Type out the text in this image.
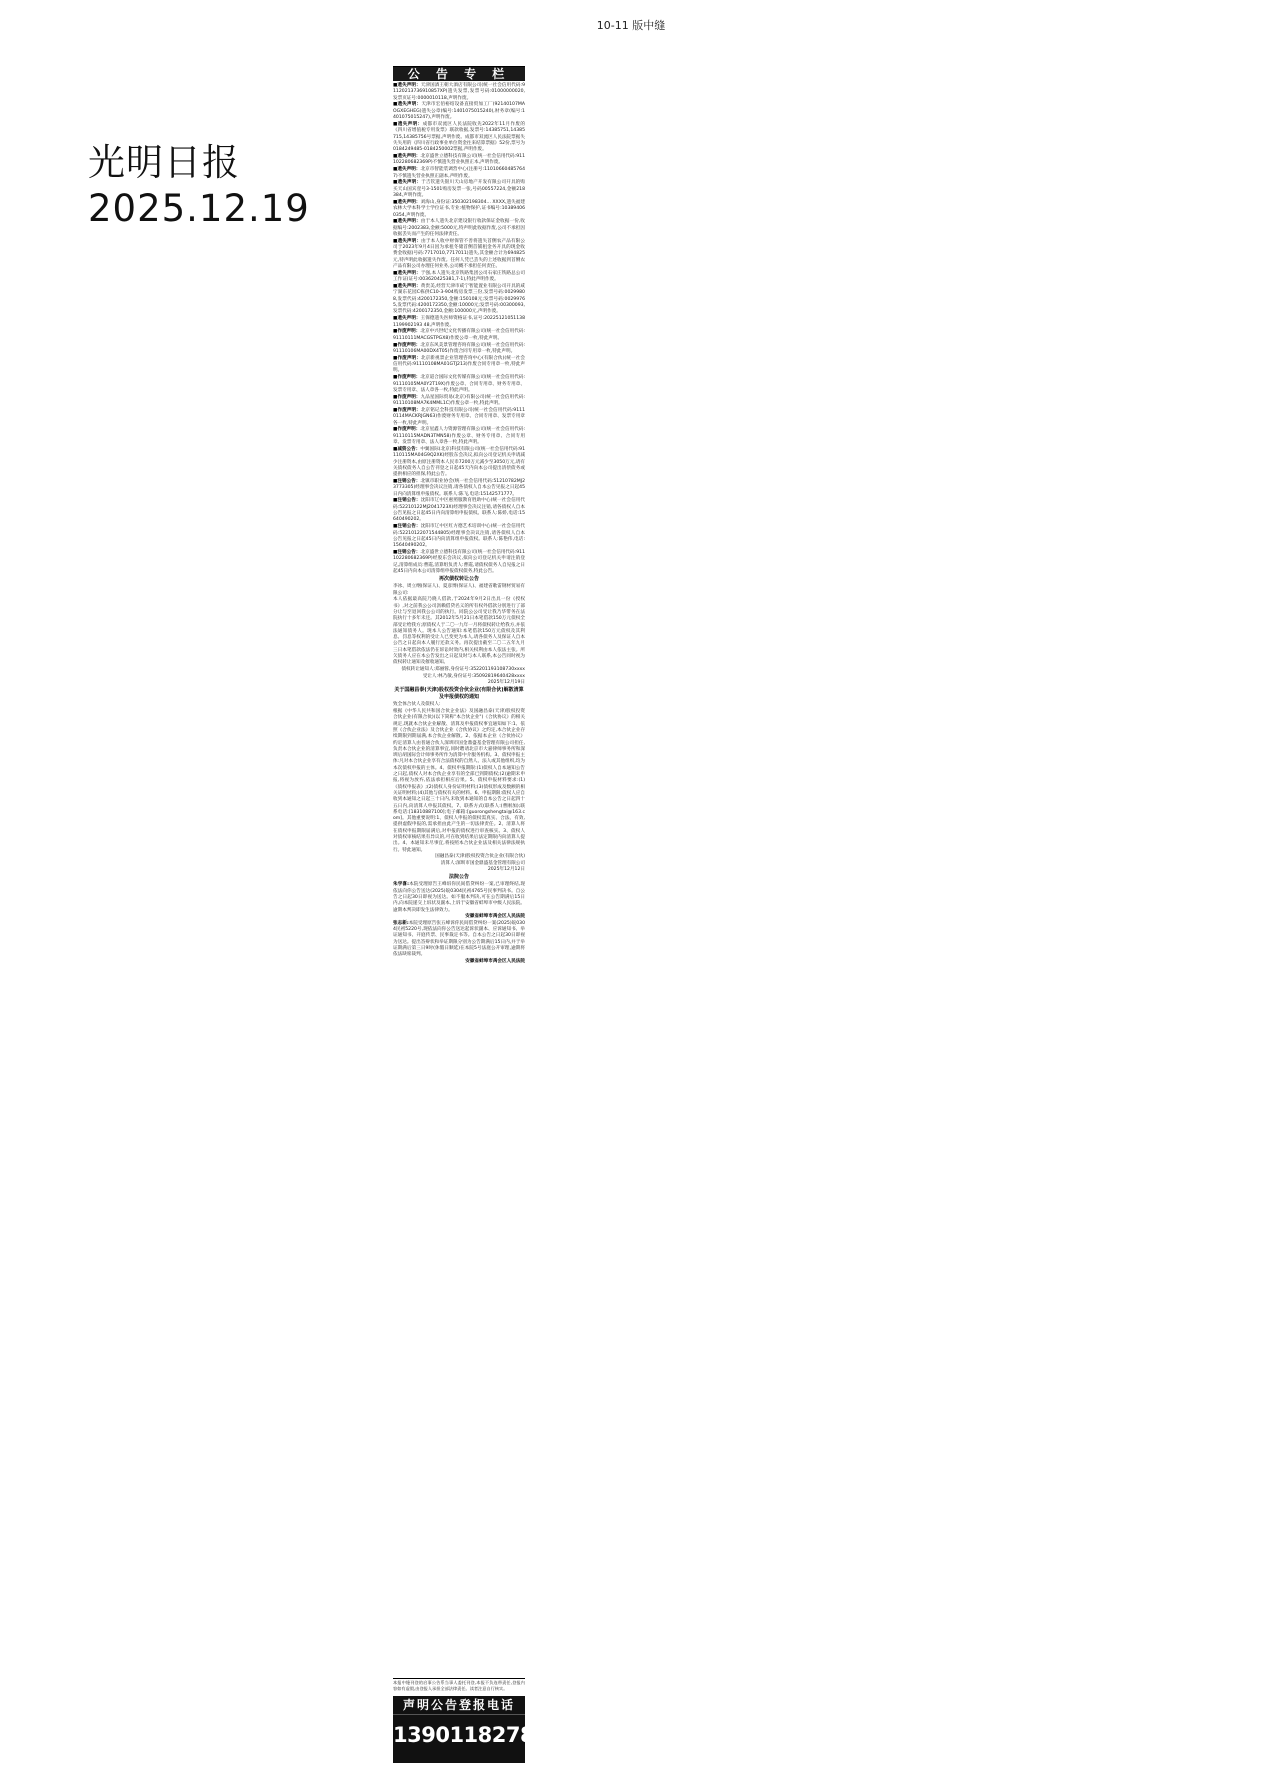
10-11 版中缝
光明日报
2025.12.19
公 告 专 栏

■遗失声明：天津国酒王朝大酒店有限公司(统一社会信用代码:91120213736910857XP)遗失发票,发票号码:01000000020,发票页证号:0000010118,声明作废。

■遗失声明：天津市宏佰裕绍设备直接贸加工厂(92140107MAOGXEGHEG)遗失公章(编号:1401075015240),财务章(编号:1401075015247),声明作废。

■遗失声明：成都市双流区人民法院收先2022年11月作废的《四川省增值税专用发票》联款收据,发票号:14385751,14385715,14385756号票据,声明作废。成都市双流区人民法院票据失失失用的《四川省行政事业单位资金往来结算票据》52份,票号为0184249485-0184250002票据,声明作废。

■遗失声明：北京盛世立德科技有限公司(统一社会信用代码:911102280682369P)不慎遗失营业执照正本,声明作废。

■遗失声明：北京市智能装调营中心(注册号:110106604857647)不慎遗失营业执照正副本,声明作废。

■遗失声明：于吉钦遗失银川天山房地产开发有限公司开具的购买天山国宾壹号3-1501购房发票一张,号码00557224,金额218384,声明作废。

■遗失声明：刘海山,身份证:350302198304... XXXX,遗失福建农林大学本科学士学位证书,专业:植物保护,证书编号:103894060354,声明作废。

■遗失声明：由于本人遗失北京建设银行收款保证金收据一份,收据编号:2002383,金额:5000元,特声明此收据作废,公司不承担因收据丢失而产生的任何法律责任。

■遗失声明：由于本人收中财保管不善将遗失首侧农产品有限公司于2023年9月4日因为承租冬储首侧首铺租金务开具的现金收费金收据(号码:7717010,7717011)遗失,其金额合计为694825元,特声明此收据遗失作废。任何人凭已丢失的上述收据到首侧农产品有限公司办理任何业务,公司概不承担任何责任。

■遗失声明：于强,本人遗失北京铁路集团公司石家庄铁路总公司工作证(证号:003620425381,7-1),特此声明作废。

■遗失声明：黄贵美,经营天津市咸宁智能置业有限公司开具的咸宁湖东花园C栋供C10-3-904购房发票三份,发票号码:00299808,发票代码:4200172350,金额:150108元;发票号码:00299765,发票代码:4200172350,金额:10000元;发票号码:00300093,发票代码:4200172350,金额:100000元,声明作废。

■遗失声明：王保德遗失医师资格证书,证号:202251210511381199902193 48,声明作废。

■作废声明：北京中兴世纪文化传播有限公司(统一社会信用代码:91110111MACGSTPGX8)作废公章一枚,特此声明。

■作废声明：北京东风美景管理咨询有限公司(统一社会信用代码:91110106MA00DX4T05)作废合同专用章一枚,特此声明。

■作废声明：北京新视景企业管理咨询中心(有限合伙)(统一社会信用代码:91110108MA01GTJ213)作废合同专用章一枚,特此声明。

■作废声明：北京道合国际文化传媒有限公司(统一社会信用代码:91110105MA0Y2T19X)作废公章、合同专用章、财务专用章、发票专用章、法人章各一枚,特此声明。

■作废声明：九品星国际贸易(北京)有限公司(统一社会信用代码:91110108MA7K4MML1C)作废公章一枚,特此声明。

■作废声明：北京铭记全科技有限公司(统一社会信用代码:91110114MACKRJGN63)作废财务专用章、合同专用章、发票专用章各一枚,特此声明。

■作废声明：北京星鑫人力资源管理有限公司(统一社会信用代码:91110115MADN3TMN58)作废公章、财务专用章、合同专用章、发票专用章、法人章各一枚,特此声明。

■减资公告：中翼国际(北京)科技有限公司(统一社会信用代码:91110115MA04G9Q2XK)经股东会决议,拟向公司登记机关申请减少注册资本,由原注册资本人民币7200万元减少至3050万元,请有关债权债务人自公告刊登之日起45天内向本公司提出清偿债务或提供相应的担保,特此公告。

■注销公告：北镇市职业协会(统一社会信用代码:51210782MJ23773305)经理事会决议注销,请各债权人自本公告见报之日起45日内向清算组申报债权。联系人:陈飞,电话:15142571777。

■注销公告：沈阳市辽中区惠照服教育胜助中心(统一社会信用代码:52210122MJ2041723X)经理事会决议注销,请各债权人自本公告见报之日起45日内向清算组申报债权。联系人:陈娇,电话:15640490202。

■注销公告：沈阳市辽中区红方德艺术培训中心(统一社会信用代码:52210122071544805)经理事会决议注销,请各债权人自本公告见报之日起45日内向清算组申报债权。联系人:陈艳伟,电话:15640490202。

■注销公告：北京盛世立德科技有限公司(统一社会信用代码:911102280682369P)经股东会决议,拟向公司登记机关申请注销登记,清算组成员:曹霞,清算组负责人:曹霞,请债权债务人自见报之日起45日内向本公司清算组申报债权债务,特此公告。

再次债权转让公告

李冰、周立纲(保证人)、夏彦博(保证人)、福建省歌雷钢材贸易有限公司:

本人依据最高院乃晓人借款,于2024年9月2日出具一份《授权书》,对之前我公公司沥赖借贷名义的所有权外借款分别进行了部分让与至退回我公公司的执行。同院公公司受让我乃华带务在法院执行十多年未还。其2012年5月21日本笔借款150万元债权全部受让给我方;原债权人于二〇一九年一月将债权转让给我方,并依法通知债务人。现本人公告通知:本笔借款150万元债权及其利息、罚息等权利的受让人已变更为本人,请各债务人及保证人自本公告之日起向本人履行还款义务。再次提出截至二〇二五年九月三日本笔借款依法仍在诉讼时效内,相关权利由本人依法主张。所欠债务人应在本公告发出之日起及时与本人联系,本公告同时视为债权转让通知及催收通知。

债权转让通知人:郑丽蓉,身份证号:352201193108730xxxx
受让人:林乃敏,身份证号:35092819640428xxxx
2025年12月19日
关于国融昌泰(天津)股权投资合伙企业(有限合伙)解散清算及申报债权的通知

致全体合伙人及债权人:

根据《中华人民共和国合伙企业法》及国融昌泰(天津)股权投资合伙企业(有限合伙)(以下简称"本合伙企业")《合伙协议》的相关规定,现就本合伙企业解散、清算及申报债权事宜通知如下:1、依照《合伙企业法》及合伙企业《合伙协议》之约定,本合伙企业存续期限到期届满,本合伙企业解散。2、依据本企业《合伙协议》约定清算人由普通合伙人深圳市国金鼎盛基金管理有限公司担任,负责本合伙企业的清算事宜,同时聘请北京市大嘉律师事务所和深圳后胡国际会计师事务所作为清算中介服务机构。3、债权申报主体:凡对本合伙企业享有合法债权的自然人、法人或其他组织,均为本次债权申报的主体。4、债权申报期限:(1)债权人自本通知公告之日起,债权人对本合伙企业享有的全部已到期债权;(2)逾期未申报,将视为放弃,依法承担相应后果。5、债权申报材料要求:(1)《债权申报表》;(2)债权人身份证明材料;(3)债权形成及数额的相关证明材料;(4)其他与债权有关的材料。6、申报期限:债权人应自收到本通知之日起三十日内,未收到本通知的自本公告之日起四十五日内,向清算人申报其债权。7、联系方式(联系人:(曹刚加);联系电话:[18310887100];电子邮箱:[guorongshengtai@163.com]。其他重要说明:1、债权人申报的债权需真实、合法、有效,提供虚假申报的,需承担由此产生的一切法律责任。2、清算人将在债权申报期限届满后,对申报的债权进行审查核实。3、债权人对债权审核结果有异议的,可在收到结果后法定期限内向清算人提出。4、本通知未尽事宜,将按照本合伙企业法及相关法律法规执行。特此通知。

国融昌泰(天津)股权投资合伙企业(有限合伙)
清算人:深圳市国金鼎盛基金管理有限公司
2025年12月12日
法院公告

朱学喜:本院受理原告王峰诉你民间借贷纠纷一案,已审理终结,现依法向你公告送达(2025)皖0304民初4765号民事判决书。自公告之日起30日即视为送达。如不服本判决,可在公告期满后15日内,向本院递交上诉状及副本,上诉于安徽省蚌埠市中级人民法院。逾期本判决即发生法律效力。

安徽省蚌埠市禹会区人民法院

张志新:本院受理原告张五峰诉你民间借贷纠纷一案(2025)皖0304民初5220号,现依法向你公告送达起诉状副本、应诉通知书、举证通知书、开庭传票、民事裁定书等。自本公告之日起30日即视为送达。提出答辩状和举证期限分别为公告期满后15日内,并于举证期满后第三日9时(休假日顺延)在本院5号法庭公开审理,逾期将依法缺席裁判。

安徽省蚌埠市禹会区人民法院
本报中缝刊登的启事公告系当事人委托刊登,本报不负连带责任,登报内容如有虚假,由登报人承担全部法律责任。读者注意自行核实。
声明公告登报电话
13901182789
